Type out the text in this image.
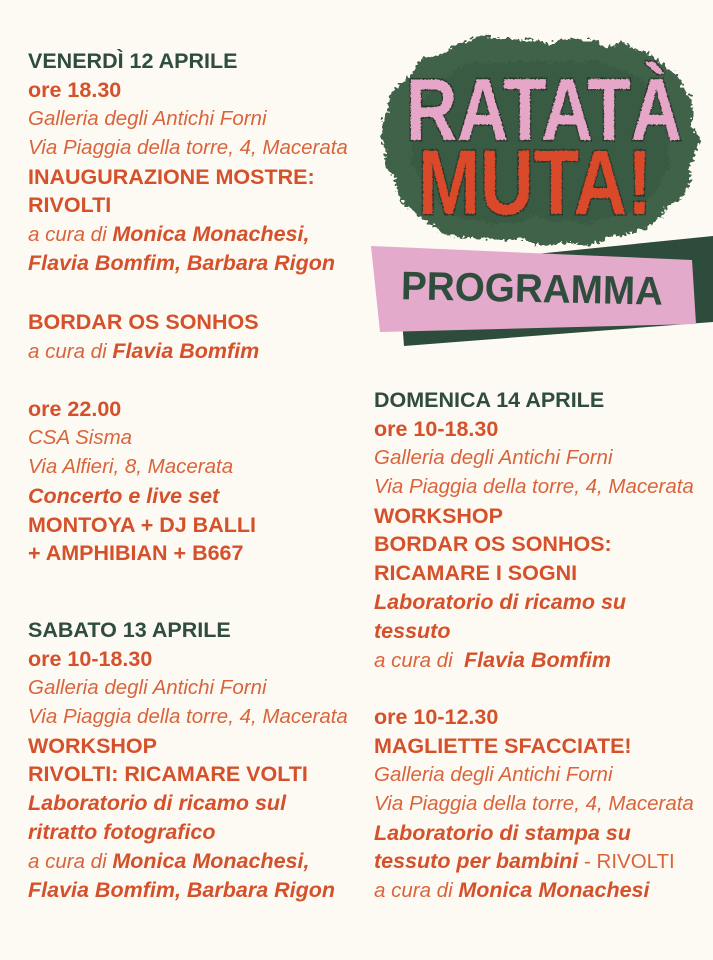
RATATÀ
MUTA!
PROGRAMMA
VENERDÌ 12 APRILE
ore 18.30
Galleria degli Antichi Forni
Via Piaggia della torre, 4, Macerata
INAUGURAZIONE MOSTRE:
RIVOLTI
a cura di Monica Monachesi,
Flavia Bomfim, Barbara Rigon
BORDAR OS SONHOS
a cura di Flavia Bomfim
ore 22.00
CSA Sisma
Via Alfieri, 8, Macerata
Concerto e live set
MONTOYA + DJ BALLI
+ AMPHIBIAN + B667
SABATO 13 APRILE
ore 10-18.30
Galleria degli Antichi Forni
Via Piaggia della torre, 4, Macerata
WORKSHOP
RIVOLTI: RICAMARE VOLTI
Laboratorio di ricamo sul
ritratto fotografico
a cura di Monica Monachesi,
Flavia Bomfim, Barbara Rigon
DOMENICA 14 APRILE
ore 10-18.30
Galleria degli Antichi Forni
Via Piaggia della torre, 4, Macerata
WORKSHOP
BORDAR OS SONHOS:
RICAMARE I SOGNI
Laboratorio di ricamo su
tessuto
a cura di  Flavia Bomfim
ore 10-12.30
MAGLIETTE SFACCIATE!
Galleria degli Antichi Forni
Via Piaggia della torre, 4, Macerata
Laboratorio di stampa su
tessuto per bambini - RIVOLTI
a cura di Monica Monachesi
